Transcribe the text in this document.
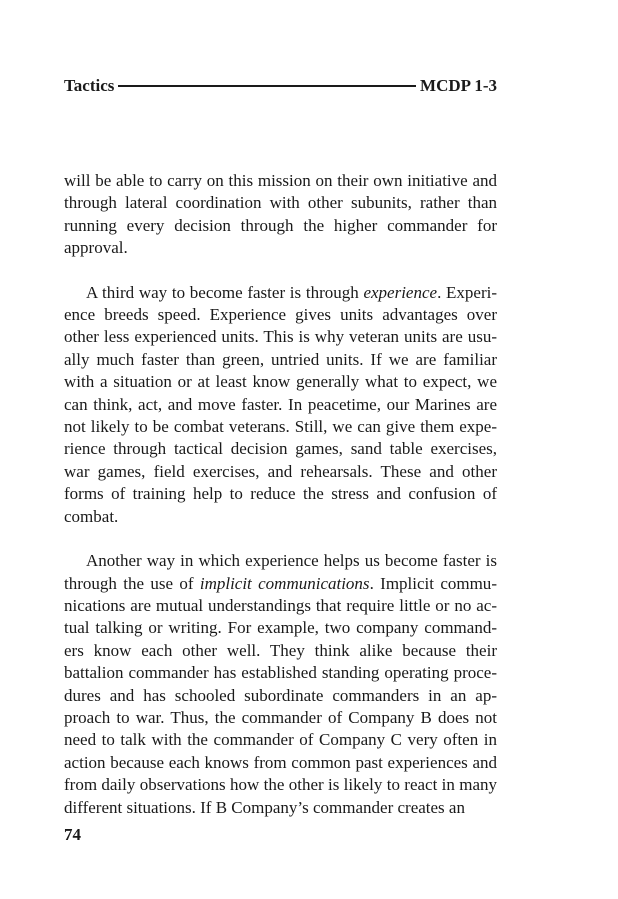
Tactics	MCDP 1-3

will be able to carry on this mission on their own initiative and through lateral coordination with other subunits, rather than running every decision through the higher commander for approval.

A third way to become faster is through experience. Experience breeds speed. Experience gives units advantages over other less experienced units. This is why veteran units are usually much faster than green, untried units. If we are familiar with a situation or at least know generally what to expect, we can think, act, and move faster. In peacetime, our Marines are not likely to be combat veterans. Still, we can give them experience through tactical decision games, sand table exercises, war games, field exercises, and rehearsals. These and other forms of training help to reduce the stress and confusion of combat.

Another way in which experience helps us become faster is through the use of implicit communications. Implicit communications are mutual understandings that require little or no actual talking or writing. For example, two company commanders know each other well. They think alike because their battalion commander has established standing operating procedures and has schooled subordinate commanders in an approach to war. Thus, the commander of Company B does not need to talk with the commander of Company C very often in action because each knows from common past experiences and from daily observations how the other is likely to react in many different situations. If B Company’s commander creates an

74
